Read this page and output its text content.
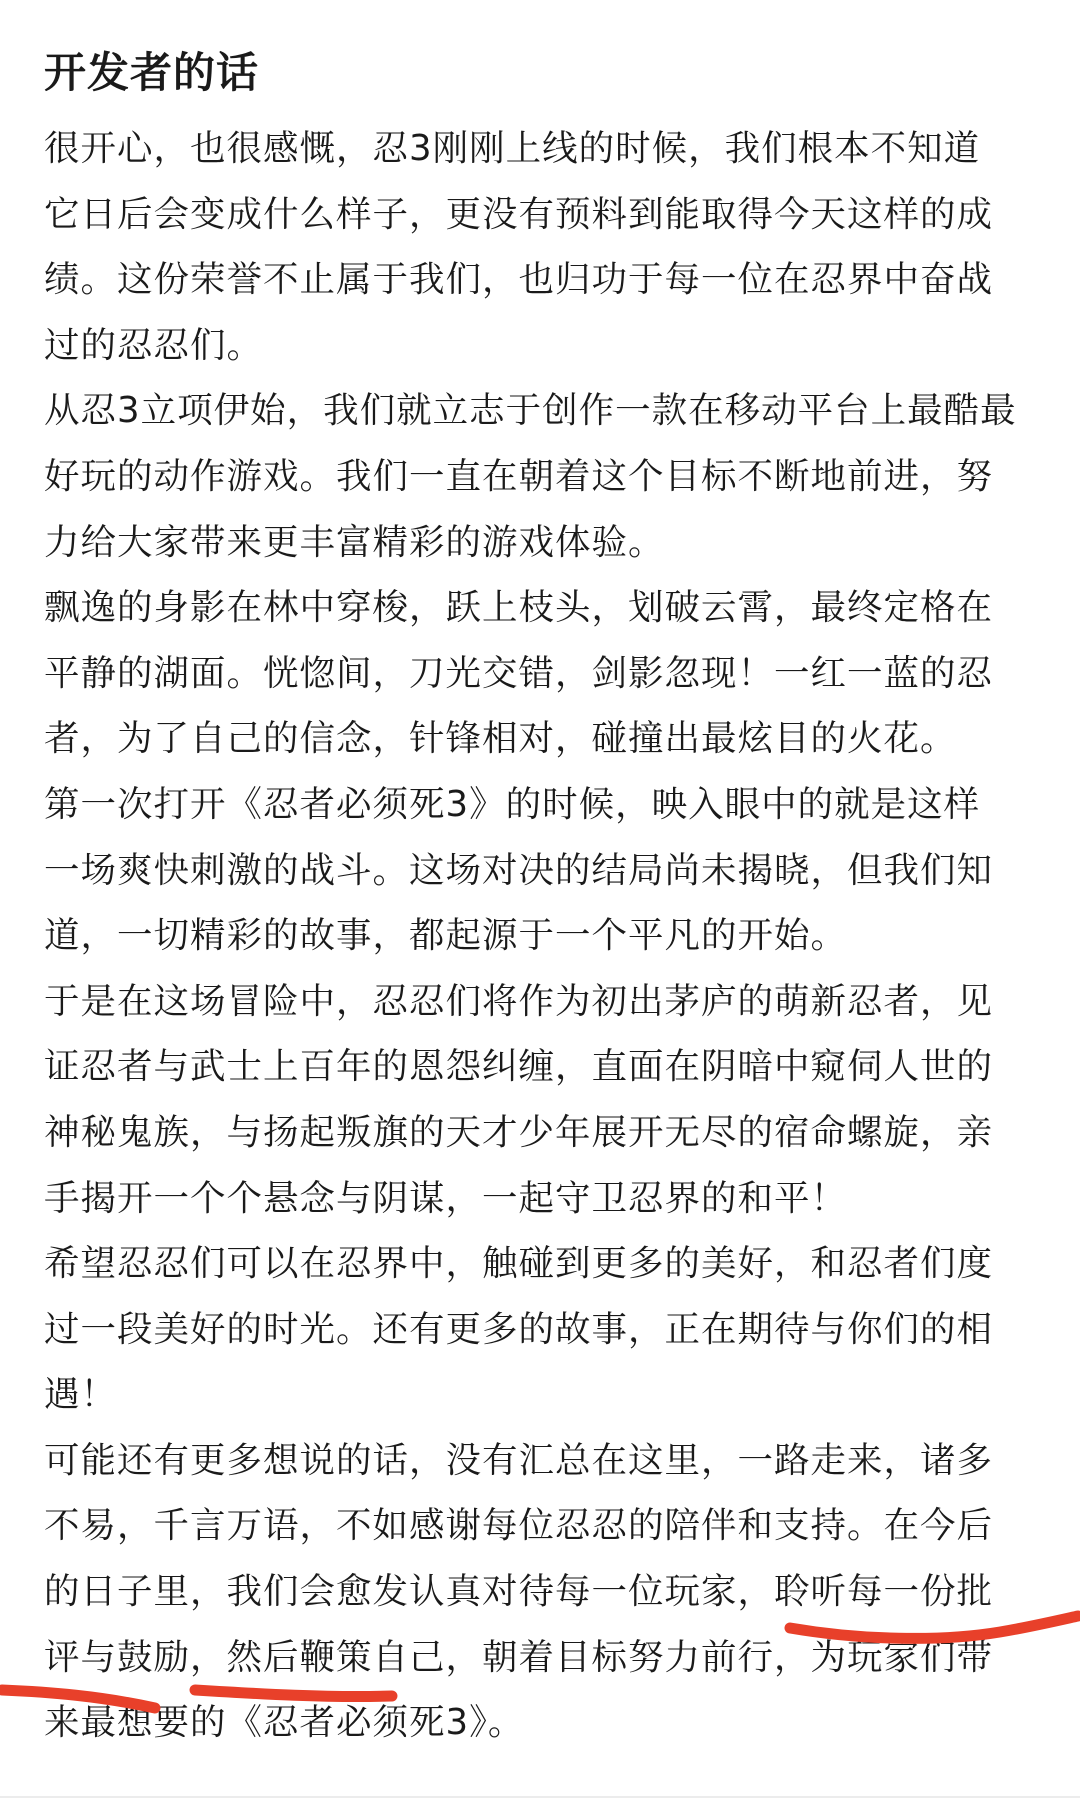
开发者的话

很开心，也很感慨，忍3刚刚上线的时候，我们根本不知道
它日后会变成什么样子，更没有预料到能取得今天这样的成
绩。这份荣誉不止属于我们，也归功于每一位在忍界中奋战
过的忍忍们。

从忍3立项伊始，我们就立志于创作一款在移动平台上最酷最
好玩的动作游戏。我们一直在朝着这个目标不断地前进，努
力给大家带来更丰富精彩的游戏体验。

飘逸的身影在林中穿梭，跃上枝头，划破云霄，最终定格在
平静的湖面。恍惚间，刀光交错，剑影忽现！一红一蓝的忍
者，为了自己的信念，针锋相对，碰撞出最炫目的火花。

第一次打开《忍者必须死3》的时候，映入眼中的就是这样
一场爽快刺激的战斗。这场对决的结局尚未揭晓，但我们知
道，一切精彩的故事，都起源于一个平凡的开始。

于是在这场冒险中，忍忍们将作为初出茅庐的萌新忍者，见
证忍者与武士上百年的恩怨纠缠，直面在阴暗中窥伺人世的
神秘鬼族，与扬起叛旗的天才少年展开无尽的宿命螺旋，亲
手揭开一个个悬念与阴谋，一起守卫忍界的和平！

希望忍忍们可以在忍界中，触碰到更多的美好，和忍者们度
过一段美好的时光。还有更多的故事，正在期待与你们的相
遇！

可能还有更多想说的话，没有汇总在这里，一路走来，诸多
不易，千言万语，不如感谢每位忍忍的陪伴和支持。在今后
的日子里，我们会愈发认真对待每一位玩家，聆听每一份批
评与鼓励，然后鞭策自己，朝着目标努力前行，为玩家们带
来最想要的《忍者必须死3》。
